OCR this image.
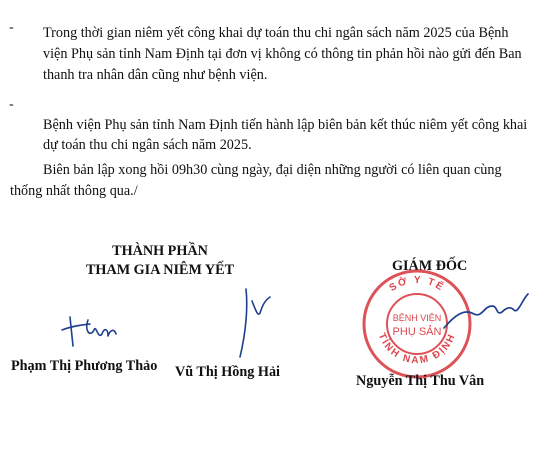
- Trong thời gian niêm yết công khai dự toán thu chi ngân sách năm 2025 của Bệnh
viện Phụ sản tỉnh Nam Định tại đơn vị không có thông tin phản hồi nào gửi đến Ban
thanh tra nhân dân cũng như bệnh viện.
-
Bệnh viện Phụ sản tỉnh Nam Định tiến hành lập biên bản kết thúc niêm yết công khai
dự toán thu chi ngân sách năm 2025.
Biên bản lập xong hồi 09h30 cùng ngày, đại diện những người có liên quan cùng
thống nhất thông qua./
THÀNH PHẦN
THAM GIA NIÊM YẾT	GIÁM ĐỐC
SỞ Y TẾ
TỈNH NAM ĐỊNH
BỆNH VIỆN
PHỤ SẢN
Phạm Thị Phương Thảo Vũ Thị Hồng Hải
Nguyễn Thị Thu Vân
